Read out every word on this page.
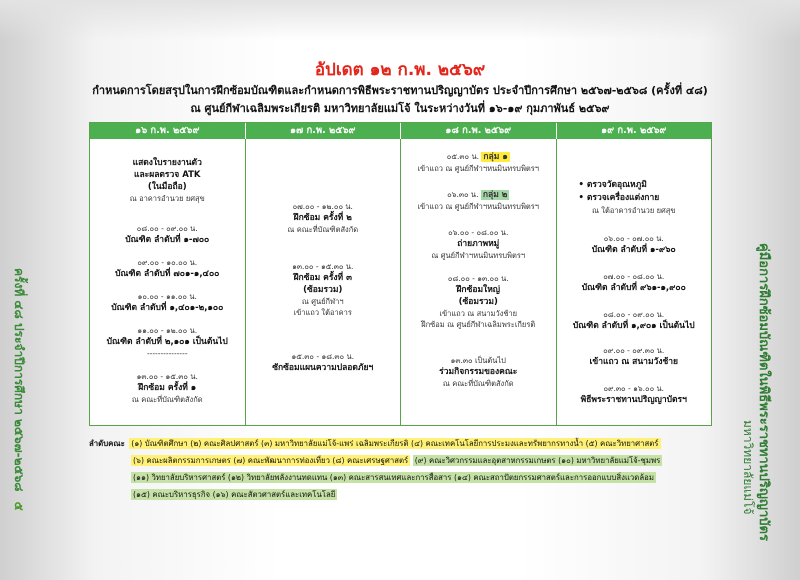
ครั้งที่ ๔๘ ประจำปีการศึกษา ๒๕๖๗-๒๕๖๘ ๕	คู่มือการฝึกซ้อมบัณฑิตในพิธีพระราชทานปริญญาบัตร
มหาวิทยาลัยแม่โจ้
อัปเดต ๑๒ ก.พ. ๒๕๖๙
กำหนดการโดยสรุปในการฝึกซ้อมบัณฑิตและกำหนดการพิธีพระราชทานปริญญาบัตร ประจำปีการศึกษา ๒๕๖๗-๒๕๖๘ (ครั้งที่ ๔๘)
ณ ศูนย์กีฬาเฉลิมพระเกียรติ มหาวิทยาลัยแม่โจ้ ในระหว่างวันที่ ๑๖-๑๙ กุมภาพันธ์ ๒๕๖๙
๑๖ ก.พ. ๒๕๖๙	๑๗ ก.พ. ๒๕๖๙	๑๘ ก.พ. ๒๕๖๙	๑๙ ก.พ. ๒๕๖๙
แสดงใบรายงานตัว
และผลตรวจ ATK
(ในมือถือ)
ณ อาคารอำนวย ยศสุข
๐๘.๐๐ - ๐๙.๐๐ น.
บัณฑิต ลำดับที่ ๑-๗๐๐
๐๙.๐๐ - ๑๐.๐๐ น.
บัณฑิต ลำดับที่ ๗๐๑-๑,๔๐๐
๑๐.๐๐ - ๑๑.๐๐ น.
บัณฑิต ลำดับที่ ๑,๔๐๑-๒,๑๐๐
๑๑.๐๐ - ๑๒.๐๐ น.
บัณฑิต ลำดับที่ ๒,๑๐๑ เป็นต้นไป
---------------
๑๓.๐๐ - ๑๕.๓๐ น.
ฝึกซ้อม ครั้งที่ ๑
ณ คณะที่บัณฑิตสังกัด
๐๗.๐๐ - ๑๒.๐๐ น.
ฝึกซ้อม ครั้งที่ ๒
ณ คณะที่บัณฑิตสังกัด
๑๓.๐๐ - ๑๕.๓๐ น.
ฝึกซ้อม ครั้งที่ ๓
(ซ้อมรวม)
ณ ศูนย์กีฬาฯ
เข้าแถว ใต้อาคาร
๑๕.๓๐ - ๑๘.๓๐ น.
ซักซ้อมแผนความปลอดภัยฯ
๐๕.๓๐ น. กลุ่ม ๑
เข้าแถว ณ ศูนย์กีฬาฯหนมินทรบพิตรฯ
๐๖.๓๐ น. กลุ่ม ๒
เข้าแถว ณ ศูนย์กีฬาฯหนมินทรบพิตรฯ
๐๖.๐๐ - ๐๘.๐๐ น.
ถ่ายภาพหมู่
ณ ศูนย์กีฬาฯหนมินทรบพิตรฯ
๐๘.๐๐ - ๑๓.๐๐ น.
ฝึกซ้อมใหญ่
(ซ้อมรวม)
เข้าแถว ณ สนามวังช้าย
ฝึกซ้อม ณ ศูนย์กีฬาเฉลิมพระเกียรติ
๑๓.๓๐ เป็นต้นไป
ร่วมกิจกรรมของคณะ
ณ คณะที่บัณฑิตสังกัด
• ตรวจวัดอุณหภูมิ
• ตรวจเครื่องแต่งกาย
ณ ใต้อาคารอำนวย ยศสุข
๐๖.๐๐ - ๐๗.๐๐ น.
บัณฑิต ลำดับที่ ๑-๙๖๐
๐๗.๐๐ - ๐๘.๐๐ น.
บัณฑิต ลำดับที่ ๙๖๑-๑,๙๐๐
๐๘.๐๐ - ๐๙.๐๐ น.
บัณฑิต ลำดับที่ ๑,๙๐๑ เป็นต้นไป
๐๙.๐๐ - ๐๙.๓๐ น.
เข้าแถว ณ สนามวังช้าย
๐๙.๓๐ - ๑๖.๐๐ น.
พิธีพระราชทานปริญญาบัตรฯ
ลำดับคณะ (๑) บัณฑิตศึกษา (๒) คณะศิลปศาสตร์ (๓) มหาวิทยาลัยแม่โจ้-แพร่ เฉลิมพระเกียรติ (๔) คณะเทคโนโลยีการประมงและทรัพยากรทางน้ำ (๕) คณะวิทยาศาสตร์
(๖) คณะผลิตกรรมการเกษตร (๗) คณะพัฒนาการท่องเที่ยว (๘) คณะเศรษฐศาสตร์ (๙) คณะวิศวกรรมและอุตสาหกรรมเกษตร (๑๐) มหาวิทยาลัยแม่โจ้-ชุมพร
(๑๑) วิทยาลัยบริหารศาสตร์ (๑๒) วิทยาลัยพลังงานทดแทน (๑๓) คณะสารสนเทศและการสื่อสาร (๑๔) คณะสถาปัตยกรรมศาสตร์และการออกแบบสิ่งแวดล้อม
(๑๕) คณะบริหารธุรกิจ (๑๖) คณะสัตวศาสตร์และเทคโนโลยี
